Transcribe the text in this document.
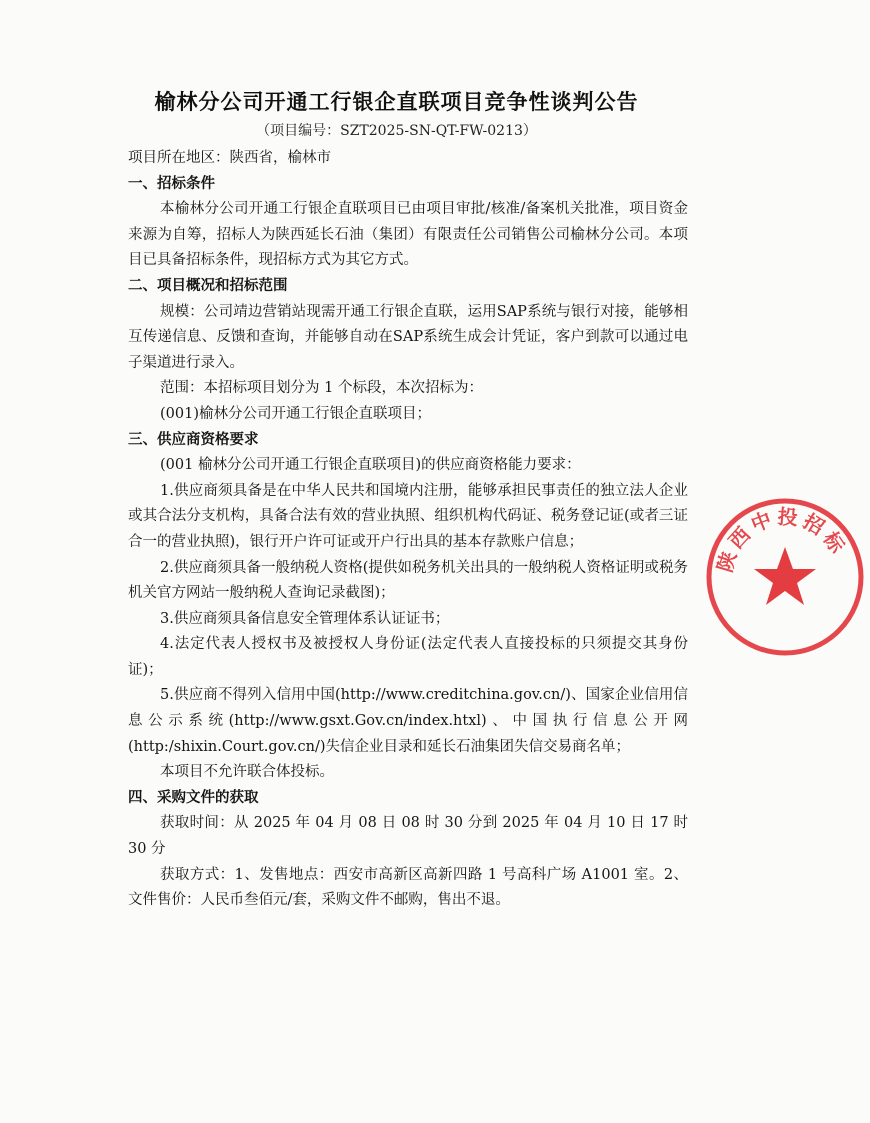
榆林分公司开通工行银企直联项目竞争性谈判公告
（项目编号：SZT2025-SN-QT-FW-0213）

项目所在地区：陕西省，榆林市

一、招标条件

本榆林分公司开通工行银企直联项目已由项目审批/核准/备案机关批准，项目资金来源为自筹，招标人为陕西延长石油（集团）有限责任公司销售公司榆林分公司。本项目已具备招标条件，现招标方式为其它方式。

二、项目概况和招标范围

规模：公司靖边营销站现需开通工行银企直联，运用SAP系统与银行对接，能够相互传递信息、反馈和查询，并能够自动在SAP系统生成会计凭证，客户到款可以通过电子渠道进行录入。

范围：本招标项目划分为 1 个标段，本次招标为：

(001)榆林分公司开通工行银企直联项目；

三、供应商资格要求

(001 榆林分公司开通工行银企直联项目)的供应商资格能力要求：

1.供应商须具备是在中华人民共和国境内注册，能够承担民事责任的独立法人企业或其合法分支机构，具备合法有效的营业执照、组织机构代码证、税务登记证(或者三证合一的营业执照)，银行开户许可证或开户行出具的基本存款账户信息；

2.供应商须具备一般纳税人资格(提供如税务机关出具的一般纳税人资格证明或税务机关官方网站一般纳税人查询记录截图)；

3.供应商须具备信息安全管理体系认证证书；

4.法定代表人授权书及被授权人身份证(法定代表人直接投标的只须提交其身份证)；

5.供应商不得列入信用中国(http://www.creditchina.gov.cn/)、国家企业信用信息公示系统(http://www.gsxt.Gov.cn/index.htxl)、中国执行信息公开网(http:/shixin.Court.gov.cn/)失信企业目录和延长石油集团失信交易商名单；

本项目不允许联合体投标。

四、采购文件的获取

获取时间：从 2025 年 04 月 08 日 08 时 30 分到 2025 年 04 月 10 日 17 时 30 分

获取方式：1、发售地点：西安市高新区高新四路 1 号高科广场 A1001 室。2、文件售价：人民币叁佰元/套，采购文件不邮购，售出不退。

陕西中投招标
